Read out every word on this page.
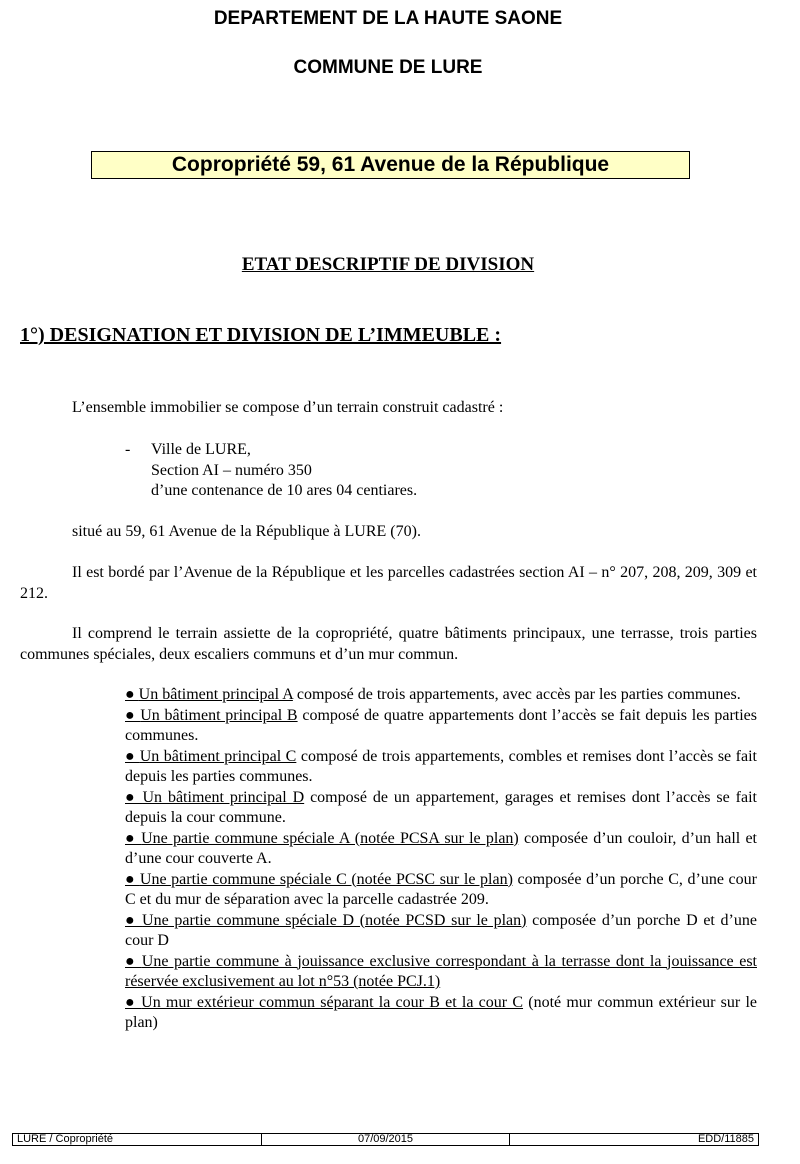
DEPARTEMENT DE LA HAUTE SAONE
COMMUNE DE LURE
Copropriété 59, 61 Avenue de la République
ETAT DESCRIPTIF DE DIVISION
1°) DESIGNATION ET DIVISION DE L’IMMEUBLE :

L’ensemble immobilier se compose d’un terrain construit cadastré :

- Ville de LURE,
Section AI – numéro 350
d’une contenance de 10 ares 04 centiares.

situé au 59, 61 Avenue de la République à LURE (70).

Il est bordé par l’Avenue de la République et les parcelles cadastrées section AI – n° 207, 208, 209, 309 et 212.

Il comprend le terrain assiette de la copropriété, quatre bâtiments principaux, une terrasse, trois parties communes spéciales, deux escaliers communs et d’un mur commun.

● Un bâtiment principal A composé de trois appartements, avec accès par les parties communes.

● Un bâtiment principal B composé de quatre appartements dont l’accès se fait depuis les parties communes.

● Un bâtiment principal C composé de trois appartements, combles et remises dont l’accès se fait depuis les parties communes.

● Un bâtiment principal D composé de un appartement, garages et remises dont l’accès se fait depuis la cour commune.

● Une partie commune spéciale A (notée PCSA sur le plan) composée d’un couloir, d’un hall et d’une cour couverte A.

● Une partie commune spéciale C (notée PCSC sur le plan) composée d’un porche C, d’une cour C et du mur de séparation avec la parcelle cadastrée 209.

● Une partie commune spéciale D (notée PCSD sur le plan) composée d’un porche D et d’une cour D

● Une partie commune à jouissance exclusive correspondant à la terrasse dont la jouissance est réservée exclusivement au lot n°53 (notée PCJ.1)

● Un mur extérieur commun séparant la cour B et la cour C (noté mur commun extérieur sur le plan)

LURE / Copropriété	07/09/2015	EDD/11885
